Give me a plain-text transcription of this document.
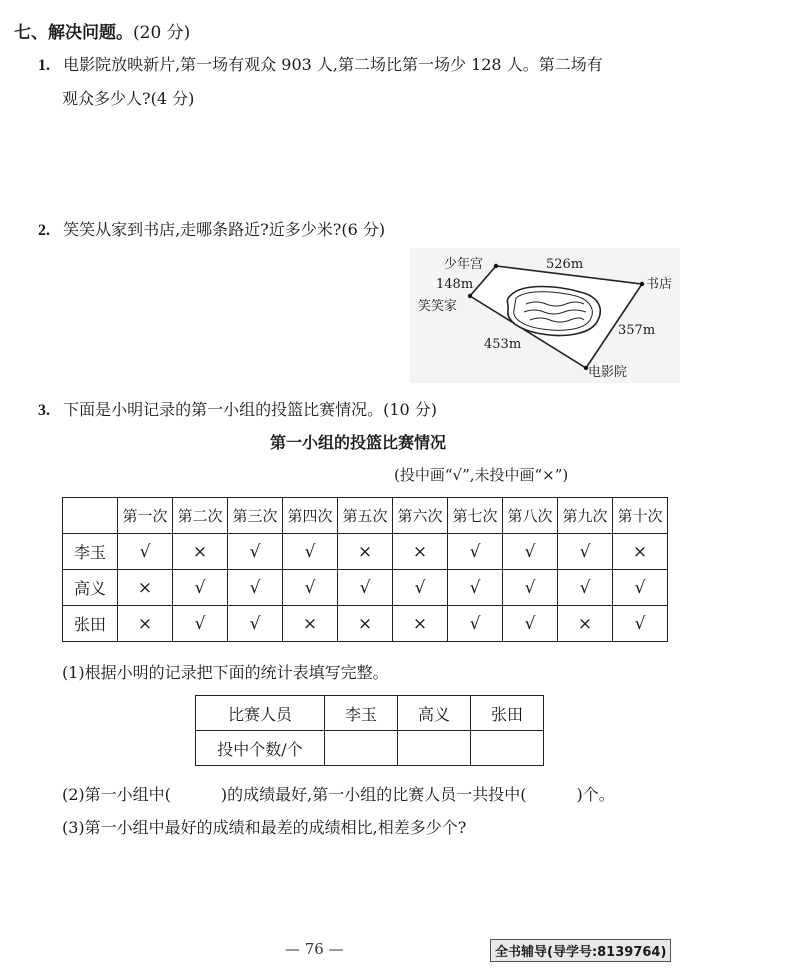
七、解决问题。(20 分)
1. 电影院放映新片,第一场有观众 903 人,第二场比第一场少 128 人。第二场有
观众多少人?(4 分)
2. 笑笑从家到书店,走哪条路近?近多少米?(6 分)
少年宫
书店
笑笑家
电影院
526m
148m
357m
453m
3. 下面是小明记录的第一小组的投篮比赛情况。(10 分)
第一小组的投篮比赛情况
(投中画“√”,未投中画“×”)
	第一次	第二次	第三次	第四次	第五次	第六次	第七次	第八次	第九次	第十次
李玉	√	×	√	√	×	×	√	√	√	×
高义	×	√	√	√	√	√	√	√	√	√
张田	×	√	√	×	×	×	√	√	×	√
(1)根据小明的记录把下面的统计表填写完整。
比赛人员	李玉	高义	张田
投中个数/个			
(2)第一小组中(	)的成绩最好,第一小组的比赛人员一共投中(	)个。
(3)第一小组中最好的成绩和最差的成绩相比,相差多少个?
— 76 —	全书辅导(导学号:8139764)
